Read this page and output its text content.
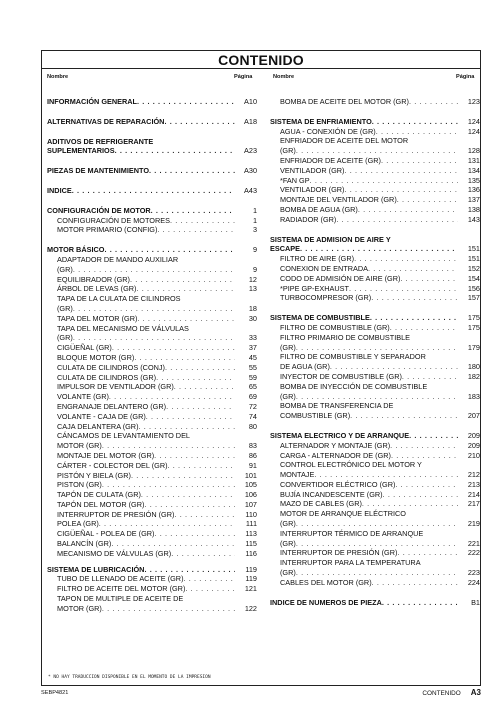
CONTENIDO
Nombre	Página	Nombre	Página
INFORMACIÓN GENERAL . . .	A10
ALTERNATIVAS DE REPARACIÓN . . .	A18
ADITIVOS DE REFRIGERANTE
SUPLEMENTARIOS . . .	A23
PIEZAS DE MANTENIMIENTO . . .	A30
INDICE . . .	A43
CONFIGURACIÓN DE MOTOR . . .	1
CONFIGURACIÓN DE MOTORES . . .	1
MOTOR PRIMARIO (CONFIG) . . .	3
MOTOR BÁSICO . . .	9
ADAPTADOR DE MANDO AUXILIAR
(GR) . . .	9
EQUILIBRADOR (GR) . . .	12
ÁRBOL DE LEVAS (GR) . . .	13
TAPA DE LA CULATA DE CILINDROS
(GR) . . .	18
TAPA DEL MOTOR (GR) . . .	30
TAPA DEL MECANISMO DE VÁLVULAS
(GR) . . .	33
CIGÜEÑAL (GR) . . .	37
BLOQUE MOTOR (GR) . . .	45
CULATA DE CILINDROS (CONJ) . . .	55
CULATA DE CILINDROS (GR) . . .	59
IMPULSOR DE VENTILADOR (GR) . . .	65
VOLANTE (GR) . . .	69
ENGRANAJE DELANTERO (GR) . . .	72
VOLANTE - CAJA DE (GR) . . .	74
CAJA DELANTERA (GR) . . .	80
CÁNCAMOS DE LEVANTAMIENTO DEL
MOTOR (GR) . . .	83
MONTAJE DEL MOTOR (GR) . . .	86
CÁRTER - COLECTOR DEL (GR) . . .	91
PISTÓN Y BIELA (GR) . . .	101
PISTON (GR) . . .	105
TAPÓN DE CULATA (GR) . . .	106
TAPÓN DEL MOTOR (GR) . . .	107
INTERRUPTOR DE PRESIÓN (GR) . . .	110
POLEA (GR) . . .	111
CIGÜEÑAL - POLEA DE (GR) . . .	113
BALANCÍN (GR) . . .	115
MECANISMO DE VÁLVULAS (GR) . . .	116
SISTEMA DE LUBRICACIÓN . . .	119
TUBO DE LLENADO DE ACEITE (GR) . . .	119
FILTRO DE ACEITE DEL MOTOR (GR) . . .	121
TAPON DE MULTIPLE DE ACEITE DE
MOTOR (GR) . . .	122
BOMBA DE ACEITE DEL MOTOR (GR) . . .	123
SISTEMA DE ENFRIAMIENTO . . .	124
AGUA - CONEXIÓN DE (GR) . . .	124
ENFRIADOR DE ACEITE DEL MOTOR
(GR) . . .	128
ENFRIADOR DE ACEITE (GR) . . .	131
VENTILADOR (GR) . . .	134
*FAN GP . . .	135
VENTILADOR (GR) . . .	136
MONTAJE DEL VENTILADOR (GR) . . .	137
BOMBA DE AGUA (GR) . . .	138
RADIADOR (GR) . . .	143
SISTEMA DE ADMISION DE AIRE Y
ESCAPE . . .	151
FILTRO DE AIRE (GR) . . .	151
CONEXION DE ENTRADA . . .	152
CODO DE ADMISIÓN DE AIRE (GR) . . .	154
*PIPE GP-EXHAUST . . .	156
TURBOCOMPRESOR (GR) . . .	157
SISTEMA DE COMBUSTIBLE . . .	175
FILTRO DE COMBUSTIBLE (GR) . . .	175
FILTRO PRIMARIO DE COMBUSTIBLE
(GR) . . .	179
FILTRO DE COMBUSTIBLE Y SEPARADOR
DE AGUA (GR) . . .	180
INYECTOR DE COMBUSTIBLE (GR) . . .	182
BOMBA DE INYECCIÓN DE COMBUSTIBLE
(GR) . . .	183
BOMBA DE TRANSFERENCIA DE
COMBUSTIBLE (GR) . . .	207
SISTEMA ELECTRICO Y DE ARRANQUE . . .	209
ALTERNADOR Y MONTAJE (GR) . . .	209
CARGA - ALTERNADOR DE (GR) . . .	210
CONTROL ELECTRÓNICO DEL MOTOR Y
MONTAJE . . .	212
CONVERTIDOR ELÉCTRICO (GR) . . .	213
BUJÍA INCANDESCENTE (GR) . . .	214
MAZO DE CABLES (GR) . . .	217
MOTOR DE ARRANQUE ELÉCTRICO
(GR) . . .	219
INTERRUPTOR TÉRMICO DE ARRANQUE
(GR) . . .	221
INTERRUPTOR DE PRESIÓN (GR) . . .	222
INTERRUPTOR PARA LA TEMPERATURA
(GR) . . .	223
CABLES DEL MOTOR (GR) . . .	224
INDICE DE NUMEROS DE PIEZA . . .	B1
* NO HAY TRADUCCION DISPONIBLE EN EL MOMENTO DE LA IMPRESION
SEBP4821	CONTENIDO A3
